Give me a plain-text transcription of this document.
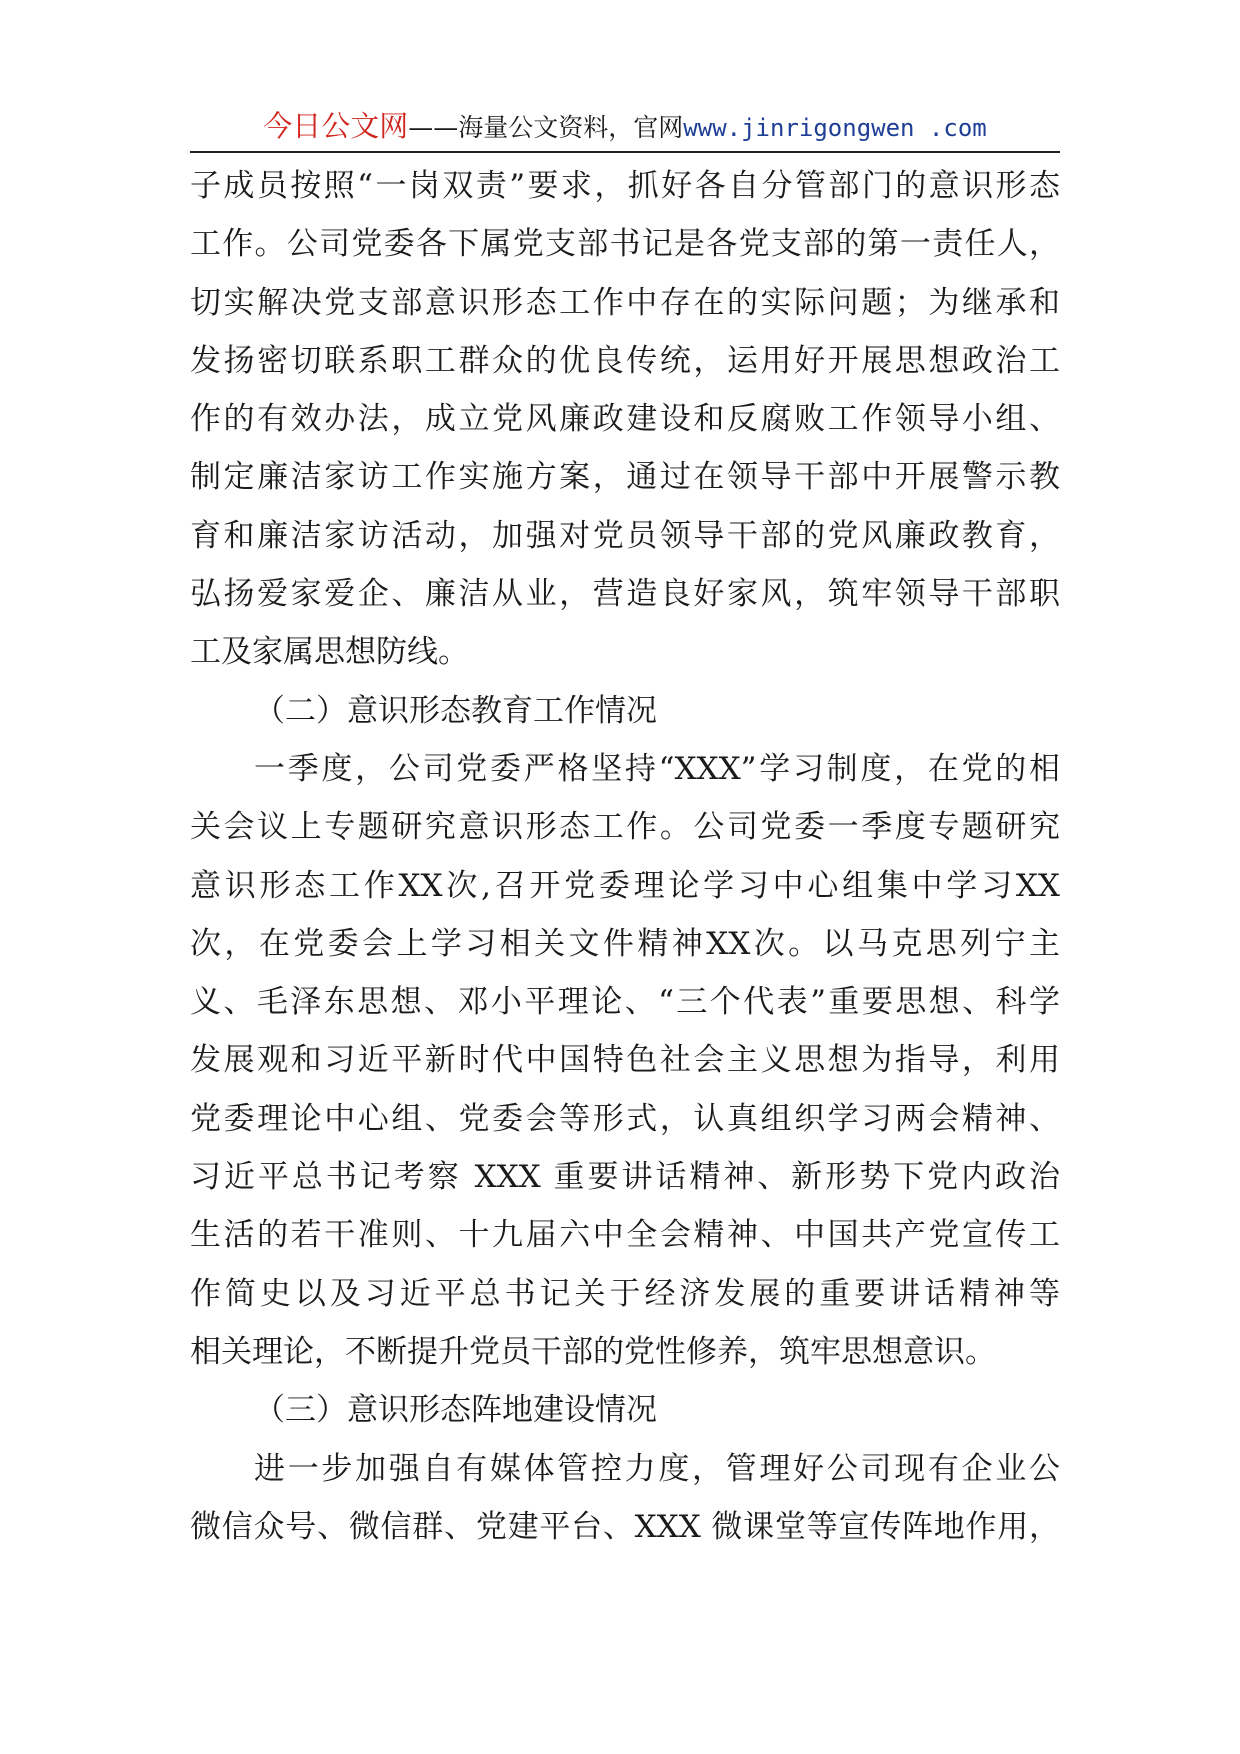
今日公文网——海量公文资料，官网www.jinrigongwen .com
子成员按照“一岗双责”要求，抓好各自分管部门的意识形态
工作。公司党委各下属党支部书记是各党支部的第一责任人，
切实解决党支部意识形态工作中存在的实际问题；为继承和
发扬密切联系职工群众的优良传统，运用好开展思想政治工
作的有效办法，成立党风廉政建设和反腐败工作领导小组、
制定廉洁家访工作实施方案，通过在领导干部中开展警示教
育和廉洁家访活动，加强对党员领导干部的党风廉政教育，
弘扬爱家爱企、廉洁从业，营造良好家风，筑牢领导干部职
工及家属思想防线。
（二）意识形态教育工作情况
一季度，公司党委严格坚持“XXX”学习制度，在党的相
关会议上专题研究意识形态工作。公司党委一季度专题研究
意识形态工作XX次,召开党委理论学习中心组集中学习XX
次，在党委会上学习相关文件精神XX次。以马克思列宁主
义、毛泽东思想、邓小平理论、“三个代表”重要思想、科学
发展观和习近平新时代中国特色社会主义思想为指导，利用
党委理论中心组、党委会等形式，认真组织学习两会精神、
习近平总书记考察 XXX 重要讲话精神、新形势下党内政治
生活的若干准则、十九届六中全会精神、中国共产党宣传工
作简史以及习近平总书记关于经济发展的重要讲话精神等
相关理论，不断提升党员干部的党性修养，筑牢思想意识。
（三）意识形态阵地建设情况
进一步加强自有媒体管控力度，管理好公司现有企业公
微信众号、微信群、党建平台、XXX 微课堂等宣传阵地作用，
